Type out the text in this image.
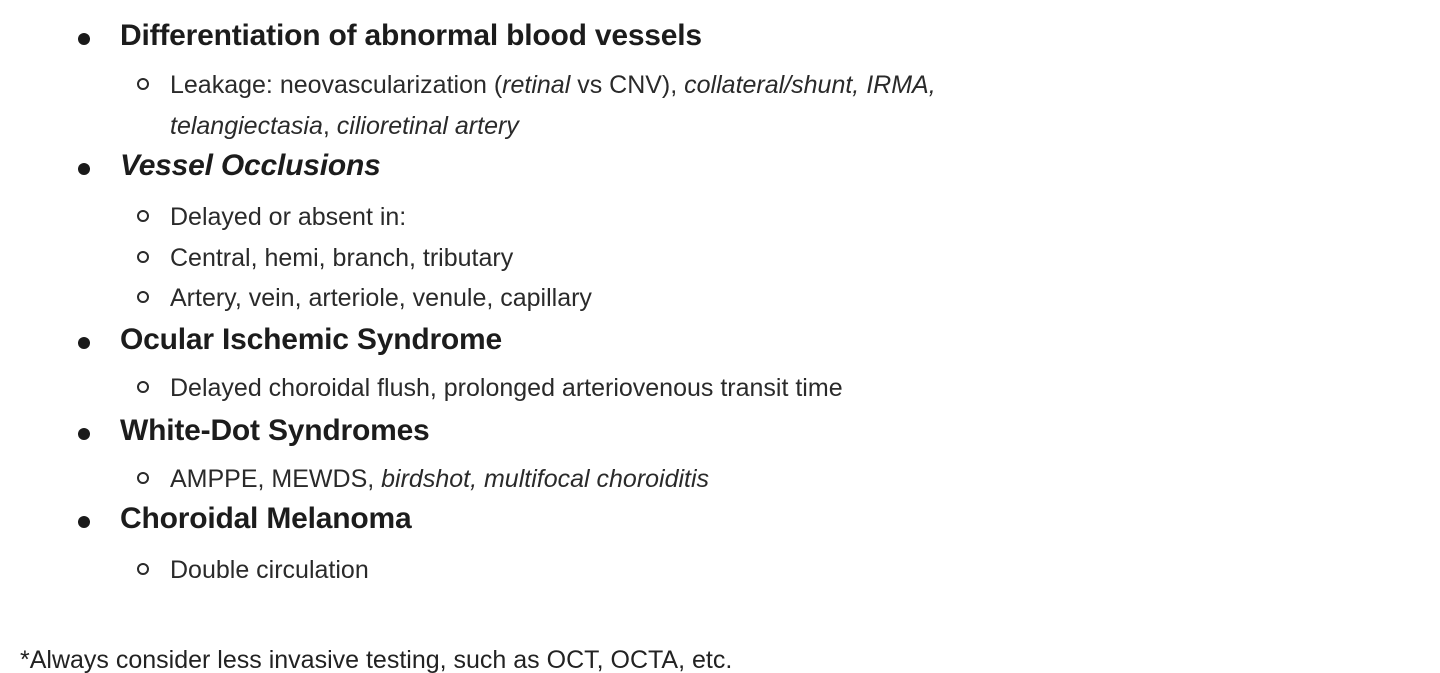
Differentiation of abnormal blood vessels
Leakage: neovascularization (retinal vs CNV), collateral/shunt, IRMA,
telangiectasia, cilioretinal artery
Vessel Occlusions
Delayed or absent in:
Central, hemi, branch, tributary
Artery, vein, arteriole, venule, capillary
Ocular Ischemic Syndrome
Delayed choroidal flush, prolonged arteriovenous transit time
White-Dot Syndromes
AMPPE, MEWDS, birdshot, multifocal choroiditis
Choroidal Melanoma
Double circulation
*Always consider less invasive testing, such as OCT, OCTA, etc.
